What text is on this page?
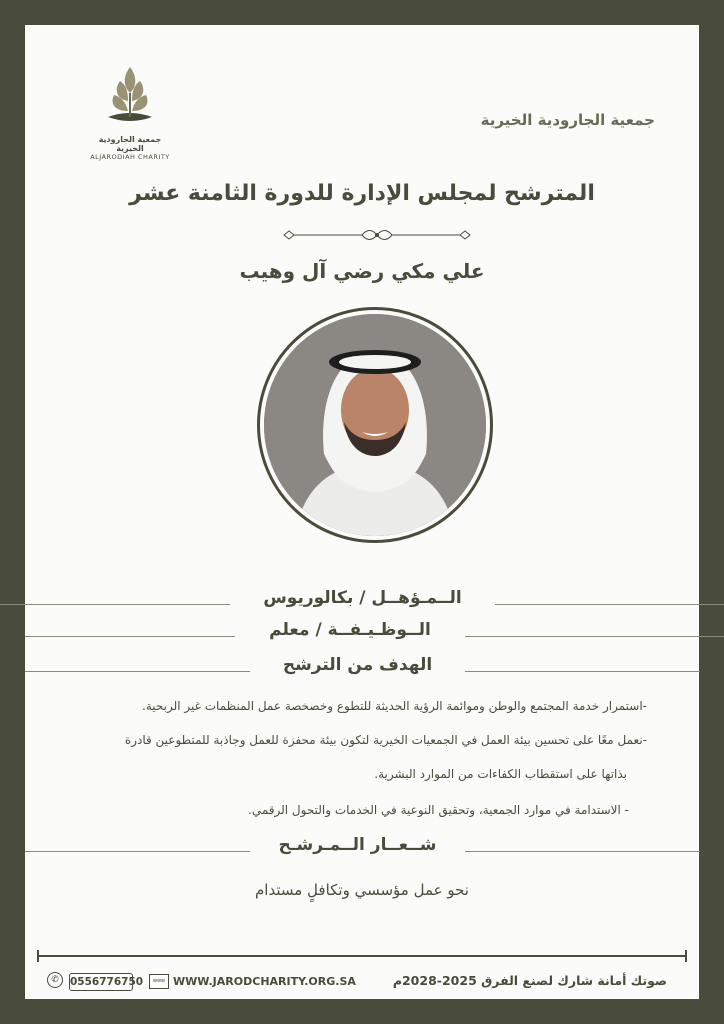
جمعية الجارودية الخيرية
ALJARODIAH CHARITY
جمعية الجارودية الخيرية
المترشح لمجلس الإدارة للدورة الثامنة عشر
علي مكي رضي آل وهيب
الــمـؤهــل / بكالوريوس
الــوظـيـفــة / معلم
الهدف من الترشح
-استمرار خدمة المجتمع والوطن وموائمة الرؤية الحديثة للتطوع وخصخصة عمل المنظمات غير الربحية.
-نعمل معًا على تحسين بيئة العمل في الجمعيات الخيرية لتكون بيئة محفزة للعمل وجاذبة للمتطوعين قادرة
بذاتها على استقطاب الكفاءات من الموارد البشرية.
- الاستدامة في موارد الجمعية، وتحقيق النوعية في الخدمات والتحول الرقمي.
شــعــار الــمـرشـح
نحو عمل مؤسسي وتكافلٍ مستدام
✆	0556776750	www WWW.JARODCHARITY.ORG.SA	صوتك أمانة شارك لصنع الفرق 2025-2028م
